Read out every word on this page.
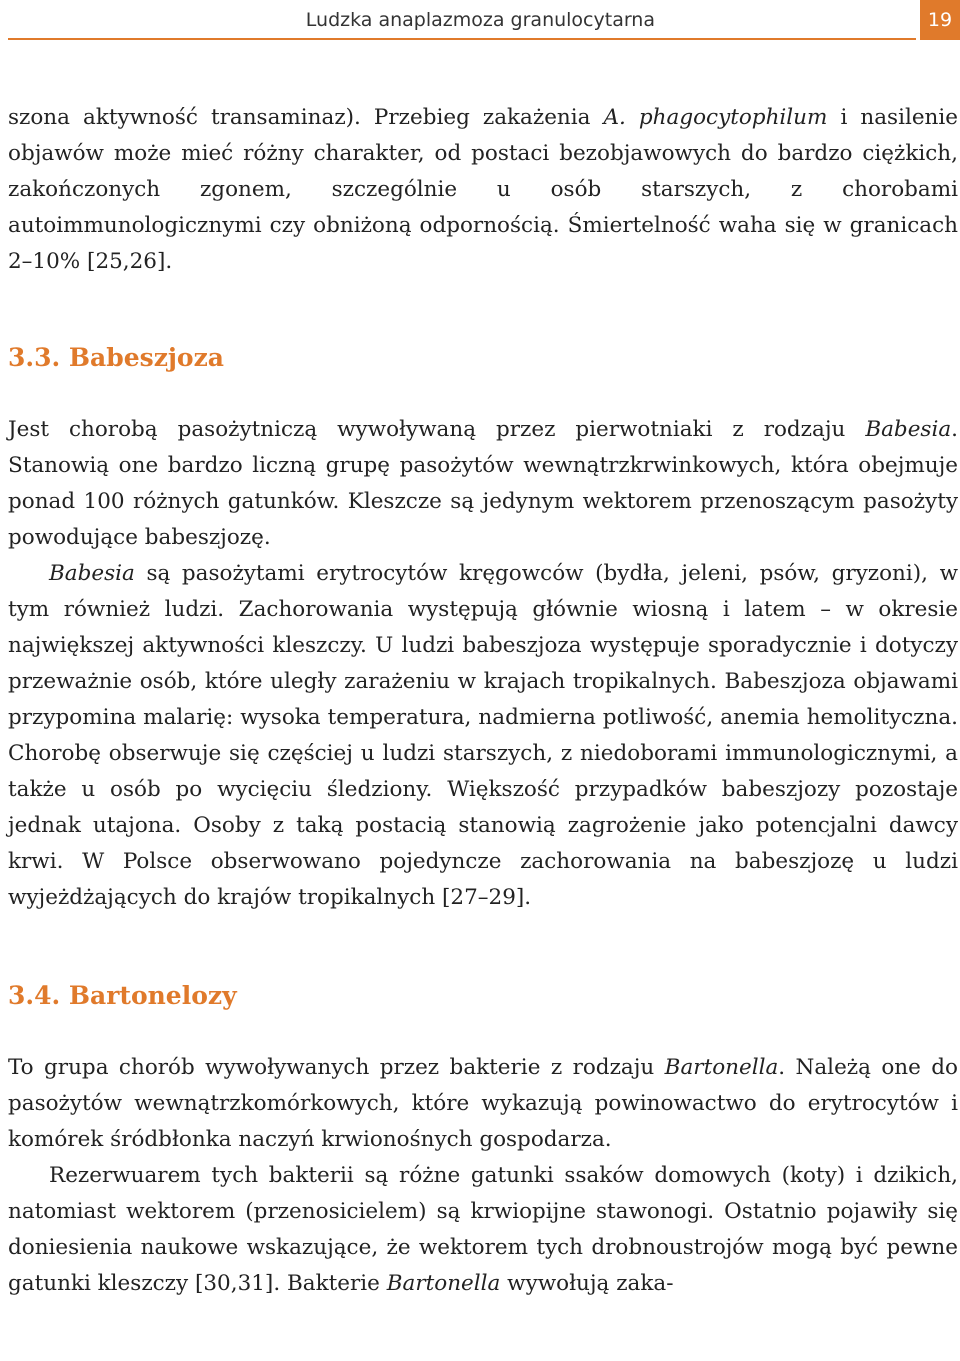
Ludzka anaplazmoza granulocytarna	19

szona aktywność transaminaz). Przebieg zakażenia A. phagocytophilum i nasilenie objawów może mieć różny charakter, od postaci bezobjawowych do bardzo ciężkich, zakończonych zgonem, szczególnie u osób starszych, z chorobami autoimmunologicznymi czy obniżoną odpornością. Śmiertelność waha się w granicach 2–10% [25,26].

3.3. Babeszjoza

Jest chorobą pasożytniczą wywoływaną przez pierwotniaki z rodzaju Babesia. Stanowią one bardzo liczną grupę pasożytów wewnątrzkrwinkowych, która obejmuje ponad 100 różnych gatunków. Kleszcze są jedynym wektorem przenoszącym pasożyty powodujące babeszjozę.

Babesia są pasożytami erytrocytów kręgowców (bydła, jeleni, psów, gryzoni), w tym również ludzi. Zachorowania występują głównie wiosną i latem – w okresie największej aktywności kleszczy. U ludzi babeszjoza występuje sporadycznie i dotyczy przeważnie osób, które uległy zarażeniu w krajach tropikalnych. Babeszjoza objawami przypomina malarię: wysoka temperatura, nadmierna potliwość, anemia hemolityczna. Chorobę obserwuje się częściej u ludzi starszych, z niedoborami immunologicznymi, a także u osób po wycięciu śledziony. Większość przypadków babeszjozy pozostaje jednak utajona. Osoby z taką postacią stanowią zagrożenie jako potencjalni dawcy krwi. W Polsce obserwowano pojedyncze zachorowania na babeszjozę u ludzi wyjeżdżających do krajów tropikalnych [27–29].

3.4. Bartonelozy

To grupa chorób wywoływanych przez bakterie z rodzaju Bartonella. Należą one do pasożytów wewnątrzkomórkowych, które wykazują powinowactwo do erytrocytów i komórek śródbłonka naczyń krwionośnych gospodarza.

Rezerwuarem tych bakterii są różne gatunki ssaków domowych (koty) i dzikich, natomiast wektorem (przenosicielem) są krwiopijne stawonogi. Ostatnio pojawiły się doniesienia naukowe wskazujące, że wektorem tych drobnoustrojów mogą być pewne gatunki kleszczy [30,31]. Bakterie Bartonella wywołują zaka-
